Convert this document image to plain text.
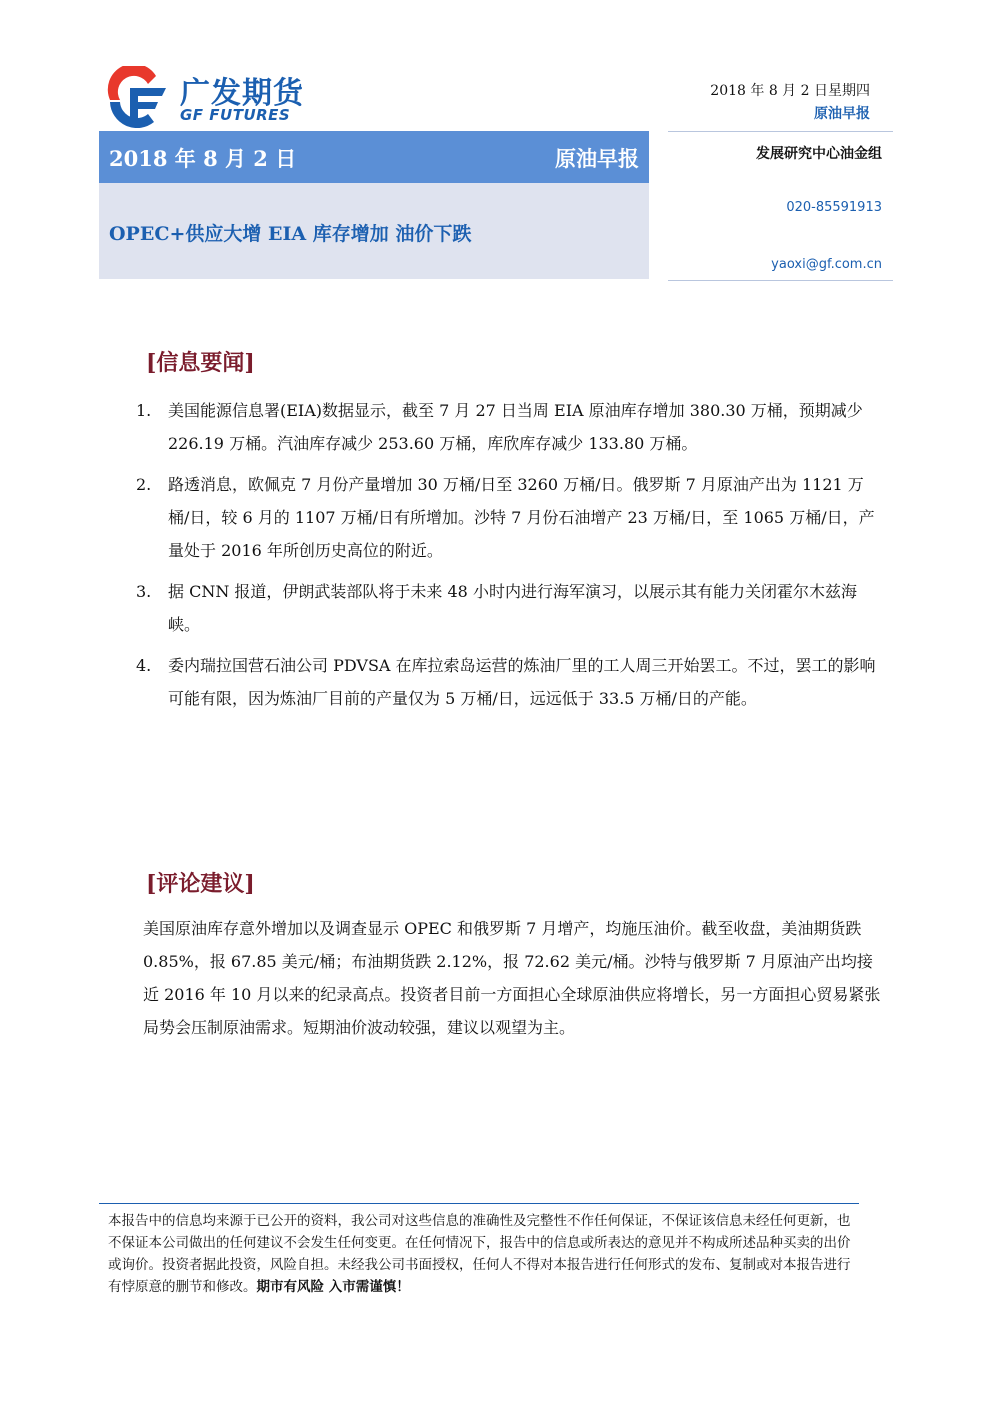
广发期货
GF FUTURES
2018 年 8 月 2 日星期四
原油早报
2018 年 8 月 2 日	原油早报
OPEC+供应大增 EIA 库存增加 油价下跌
发展研究中心油金组
020-85591913
yaoxi@gf.com.cn
[信息要闻]
1. 美国能源信息署(EIA)数据显示，截至 7 月 27 日当周 EIA 原油库存增加 380.30 万桶，预期减少 226.19 万桶。汽油库存减少 253.60 万桶，库欣库存减少 133.80 万桶。
2. 路透消息，欧佩克 7 月份产量增加 30 万桶/日至 3260 万桶/日。俄罗斯 7 月原油产出为 1121 万桶/日，较 6 月的 1107 万桶/日有所增加。沙特 7 月份石油增产 23 万桶/日，至 1065 万桶/日，产量处于 2016 年所创历史高位的附近。
3. 据 CNN 报道，伊朗武装部队将于未来 48 小时内进行海军演习，以展示其有能力关闭霍尔木兹海峡。
4. 委内瑞拉国营石油公司 PDVSA 在库拉索岛运营的炼油厂里的工人周三开始罢工。不过，罢工的影响可能有限，因为炼油厂目前的产量仅为 5 万桶/日，远远低于 33.5 万桶/日的产能。
[评论建议]

美国原油库存意外增加以及调查显示 OPEC 和俄罗斯 7 月增产，均施压油价。截至收盘，美油期货跌 0.85%，报 67.85 美元/桶；布油期货跌 2.12%，报 72.62 美元/桶。沙特与俄罗斯 7 月原油产出均接近 2016 年 10 月以来的纪录高点。投资者目前一方面担心全球原油供应将增长，另一方面担心贸易紧张局势会压制原油需求。短期油价波动较强，建议以观望为主。

本报告中的信息均来源于已公开的资料，我公司对这些信息的准确性及完整性不作任何保证，不保证该信息未经任何更新，也不保证本公司做出的任何建议不会发生任何变更。在任何情况下，报告中的信息或所表达的意见并不构成所述品种买卖的出价或询价。投资者据此投资，风险自担。未经我公司书面授权，任何人不得对本报告进行任何形式的发布、复制或对本报告进行有悖原意的删节和修改。期市有风险 入市需谨慎！
